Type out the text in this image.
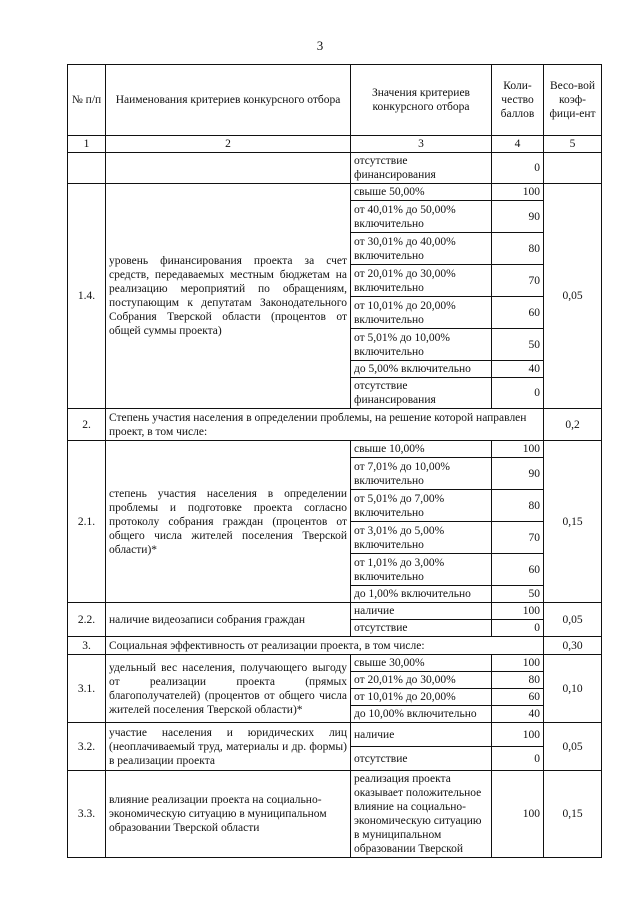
3
№ п/п	Наименования критериев конкурсного отбора	Значения критериев конкурсного отбора	Коли-чество баллов	Весо-вой коэф-фици-ент
1	2	3	4	5
		отсутствие финансирования	0	
1.4.	уровень финансирования проекта за счет средств, передаваемых местным бюджетам на реализацию мероприятий по обращениям, поступающим к депутатам Законодательного Собрания Тверской области (процентов от общей суммы проекта)	свыше 50,00%	100	0,05
		от 40,01% до 50,00% включительно	90	
		от 30,01% до 40,00% включительно	80	
		от 20,01% до 30,00% включительно	70	
		от 10,01% до 20,00% включительно	60	
		от 5,01% до 10,00% включительно	50	
		до 5,00% включительно	40	
		отсутствие финансирования	0	
2.	Степень участия населения в определении проблемы, на решение которой направлен проект, в том числе:			0,2
2.1.	степень участия населения в определении проблемы и подготовке проекта согласно протоколу собрания граждан (процентов от общего числа жителей поселения Тверской области)*	свыше 10,00%	100	0,15
		от 7,01% до 10,00% включительно	90	
		от 5,01% до 7,00% включительно	80	
		от 3,01% до 5,00% включительно	70	
		от 1,01% до 3,00% включительно	60	
		до 1,00% включительно	50	
2.2.	наличие видеозаписи собрания граждан	наличие	100	0,05
		отсутствие	0	
3.	Социальная эффективность от реализации проекта, в том числе:			0,30
3.1.	удельный вес населения, получающего выгоду от реализации проекта (прямых благополучателей) (процентов от общего числа жителей поселения Тверской области)*	свыше 30,00%	100	0,10
		от 20,01% до 30,00%	80	
		от 10,01% до 20,00%	60	
		до 10,00% включительно	40	
3.2.	участие населения и юридических лиц (неоплачиваемый труд, материалы и др. формы) в реализации проекта	наличие	100	0,05
		отсутствие	0	
3.3.	влияние реализации проекта на социально-экономическую ситуацию в муниципальном образовании Тверской области	реализация проекта оказывает положительное влияние на социально-экономическую ситуацию в муниципальном образовании Тверской	100	0,15
